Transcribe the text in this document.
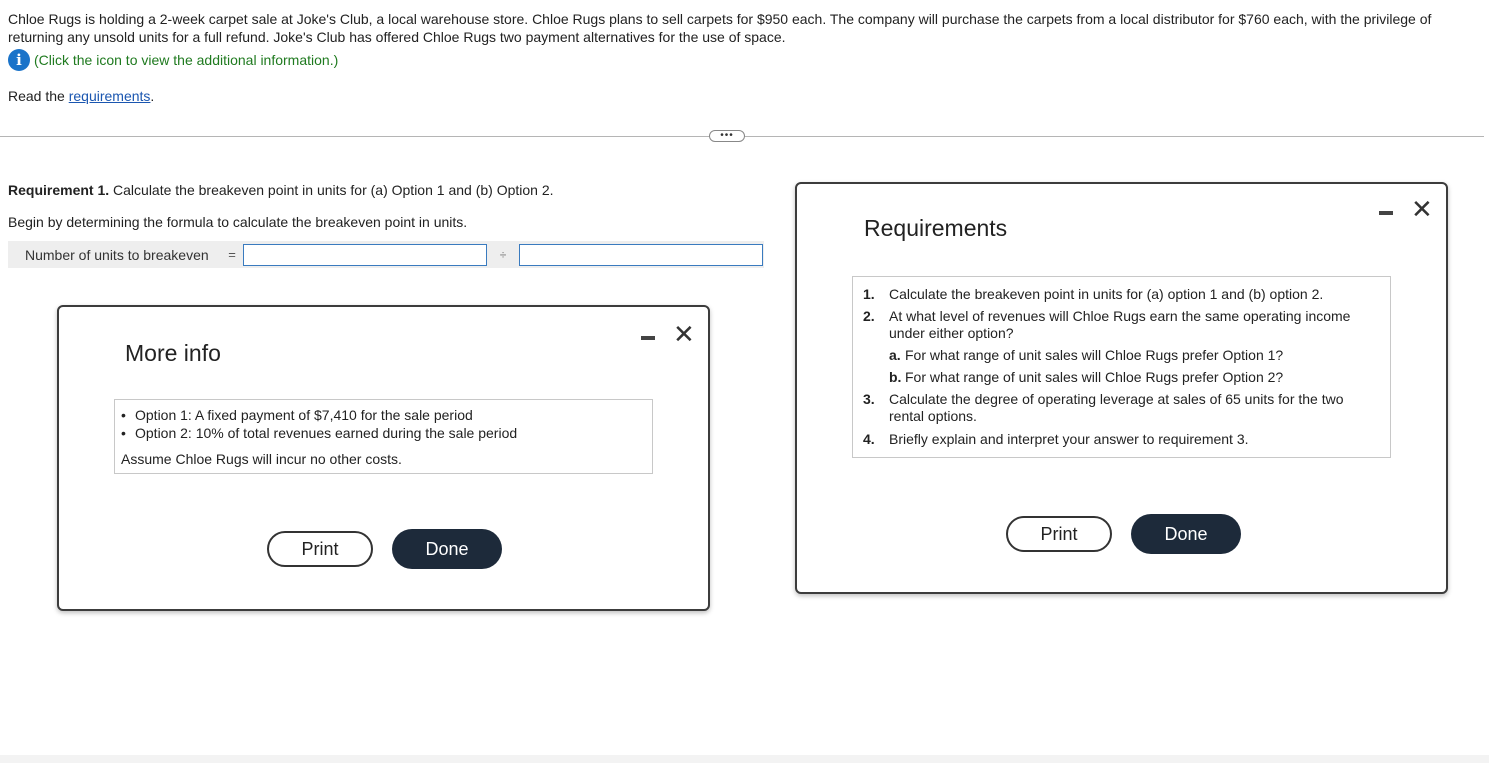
Chloe Rugs is holding a 2-week carpet sale at Joke's Club, a local warehouse store. Chloe Rugs plans to sell carpets for $950 each. The company will purchase the carpets from a local distributor for $760 each, with the privilege of returning any unsold units for a full refund. Joke's Club has offered Chloe Rugs two payment alternatives for the use of space.
i (Click the icon to view the additional information.)
Read the requirements.
•••
Requirement 1. Calculate the breakeven point in units for (a) Option 1 and (b) Option 2.
Begin by determining the formula to calculate the breakeven point in units.
Number of units to breakeven	=	÷
More info
✕
• Option 1: A fixed payment of $7,410 for the sale period
• Option 2: 10% of total revenues earned during the sale period
Assume Chloe Rugs will incur no other costs.
Print	Done
Requirements
✕
1. Calculate the breakeven point in units for (a) option 1 and (b) option 2.
2. At what level of revenues will Chloe Rugs earn the same operating income under either option?
a. For what range of unit sales will Chloe Rugs prefer Option 1?
b. For what range of unit sales will Chloe Rugs prefer Option 2?
3. Calculate the degree of operating leverage at sales of 65 units for the two rental options.
4. Briefly explain and interpret your answer to requirement 3.
Print	Done
